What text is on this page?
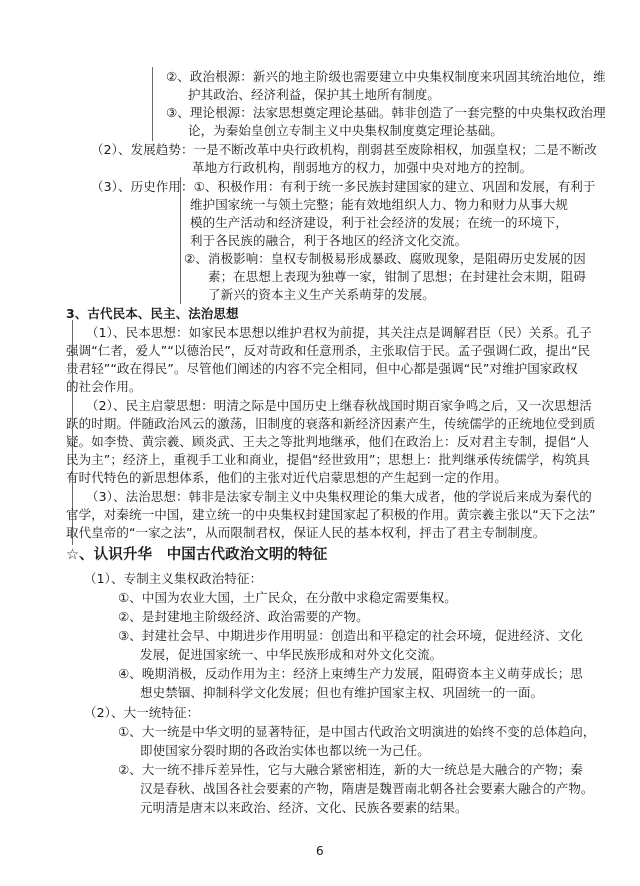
②、政治根源：新兴的地主阶级也需要建立中央集权制度来巩固其统治地位，维
护其政治、经济利益，保护其土地所有制度。
③、理论根源：法家思想奠定理论基础。韩非创造了一套完整的中央集权政治理
论，为秦始皇创立专制主义中央集权制度奠定理论基础。
（2）、发展趋势：一是不断改革中央行政机构，削弱甚至废除相权，加强皇权；二是不断改
革地方行政机构，削弱地方的权力，加强中央对地方的控制。
（3）、历史作用：①、积极作用：有利于统一多民族封建国家的建立、巩固和发展，有利于
维护国家统一与领土完整；能有效地组织人力、物力和财力从事大规
模的生产活动和经济建设，利于社会经济的发展；在统一的环境下，
利于各民族的融合，利于各地区的经济文化交流。
②、消极影响：皇权专制极易形成暴政、腐败现象，是阻碍历史发展的因
素；在思想上表现为独尊一家，钳制了思想；在封建社会末期，阻碍
了新兴的资本主义生产关系萌芽的发展。
3、古代民本、民主、法治思想
（1）、民本思想：如家民本思想以维护君权为前提，其关注点是调解君臣（民）关系。孔子
强调“仁者，爱人”“以德治民”，反对苛政和任意刑杀，主张取信于民。孟子强调仁政，提出“民
贵君轻”“政在得民”。尽管他们阐述的内容不完全相同，但中心都是强调“民”对维护国家政权
的社会作用。
（2）、民主启蒙思想：明清之际是中国历史上继春秋战国时期百家争鸣之后，又一次思想活
跃的时期。伴随政治风云的激荡，旧制度的衰落和新经济因素产生，传统儒学的正统地位受到质
疑。如李贽、黄宗羲、顾炎武、王夫之等批判地继承，他们在政治上：反对君主专制，提倡“人
民为主”；经济上，重视手工业和商业，提倡“经世致用”；思想上：批判继承传统儒学，构筑具
有时代特色的新思想体系，他们的主张对近代启蒙思想的产生起到一定的作用。
（3）、法治思想：韩非是法家专制主义中央集权理论的集大成者，他的学说后来成为秦代的
官学，对秦统一中国，建立统一的中央集权封建国家起了积极的作用。黄宗羲主张以“天下之法”
取代皇帝的“一家之法”，从而限制君权，保证人民的基本权利，抨击了君主专制制度。
☆、认识升华　中国古代政治文明的特征
（1）、专制主义集权政治特征：
①、中国为农业大国，土广民众，在分散中求稳定需要集权。
②、是封建地主阶级经济、政治需要的产物。
③、封建社会早、中期进步作用明显：创造出和平稳定的社会环境，促进经济、文化
发展，促进国家统一、中华民族形成和对外文化交流。
④、晚期消极，反动作用为主：经济上束缚生产力发展，阻碍资本主义萌芽成长；思
想史禁锢、抑制科学文化发展；但也有维护国家主权、巩固统一的一面。
（2）、大一统特征：
①、大一统是中华文明的显著特征，是中国古代政治文明演进的始终不变的总体趋向，
即使国家分裂时期的各政治实体也都以统一为己任。
②、大一统不排斥差异性，它与大融合紧密相连，新的大一统总是大融合的产物；秦
汉是春秋、战国各社会要素的产物，隋唐是魏晋南北朝各社会要素大融合的产物。
元明清是唐末以来政治、经济、文化、民族各要素的结果。
6
